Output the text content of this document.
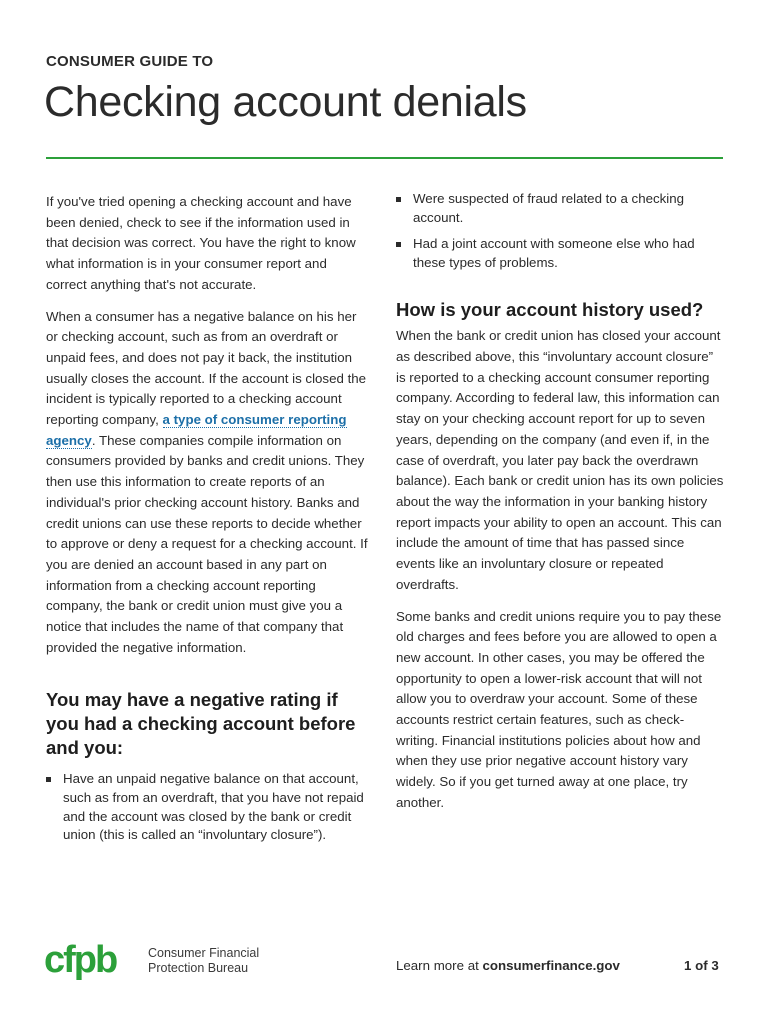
CONSUMER GUIDE TO
Checking account denials

If you've tried opening a checking account and have been denied, check to see if the information used in that decision was correct. You have the right to know what information is in your consumer report and correct anything that's not accurate.

When a consumer has a negative balance on his her or checking account, such as from an overdraft or unpaid fees, and does not pay it back, the institution usually closes the account. If the account is closed the incident is typically reported to a checking account reporting company, a type of consumer reporting agency. These companies compile information on consumers provided by banks and credit unions. They then use this information to create reports of an individual's prior checking account history. Banks and credit unions can use these reports to decide whether to approve or deny a request for a checking account. If you are denied an account based in any part on information from a checking account reporting company, the bank or credit union must give you a notice that includes the name of that company that provided the negative information.

You may have a negative rating if you had a checking account before and you:
Have an unpaid negative balance on that account, such as from an overdraft, that you have not repaid and the account was closed by the bank or credit union (this is called an “involuntary closure”).
Were suspected of fraud related to a checking account.
Had a joint account with someone else who had these types of problems.
How is your account history used?

When the bank or credit union has closed your account as described above, this “involuntary account closure” is reported to a checking account consumer reporting company. According to federal law, this information can stay on your checking account report for up to seven years, depending on the company (and even if, in the case of overdraft, you later pay back the overdrawn balance). Each bank or credit union has its own policies about the way the information in your banking history report impacts your ability to open an account. This can include the amount of time that has passed since events like an involuntary closure or repeated overdrafts.

Some banks and credit unions require you to pay these old charges and fees before you are allowed to open a new account. In other cases, you may be offered the opportunity to open a lower-risk account that will not allow you to overdraw your account. Some of these accounts restrict certain features, such as check-writing. Financial institutions policies about how and when they use prior negative account history vary widely. So if you get turned away at one place, try another.

cfpb	Consumer Financial
Protection Bureau	Learn more at consumerfinance.gov	1 of 3
